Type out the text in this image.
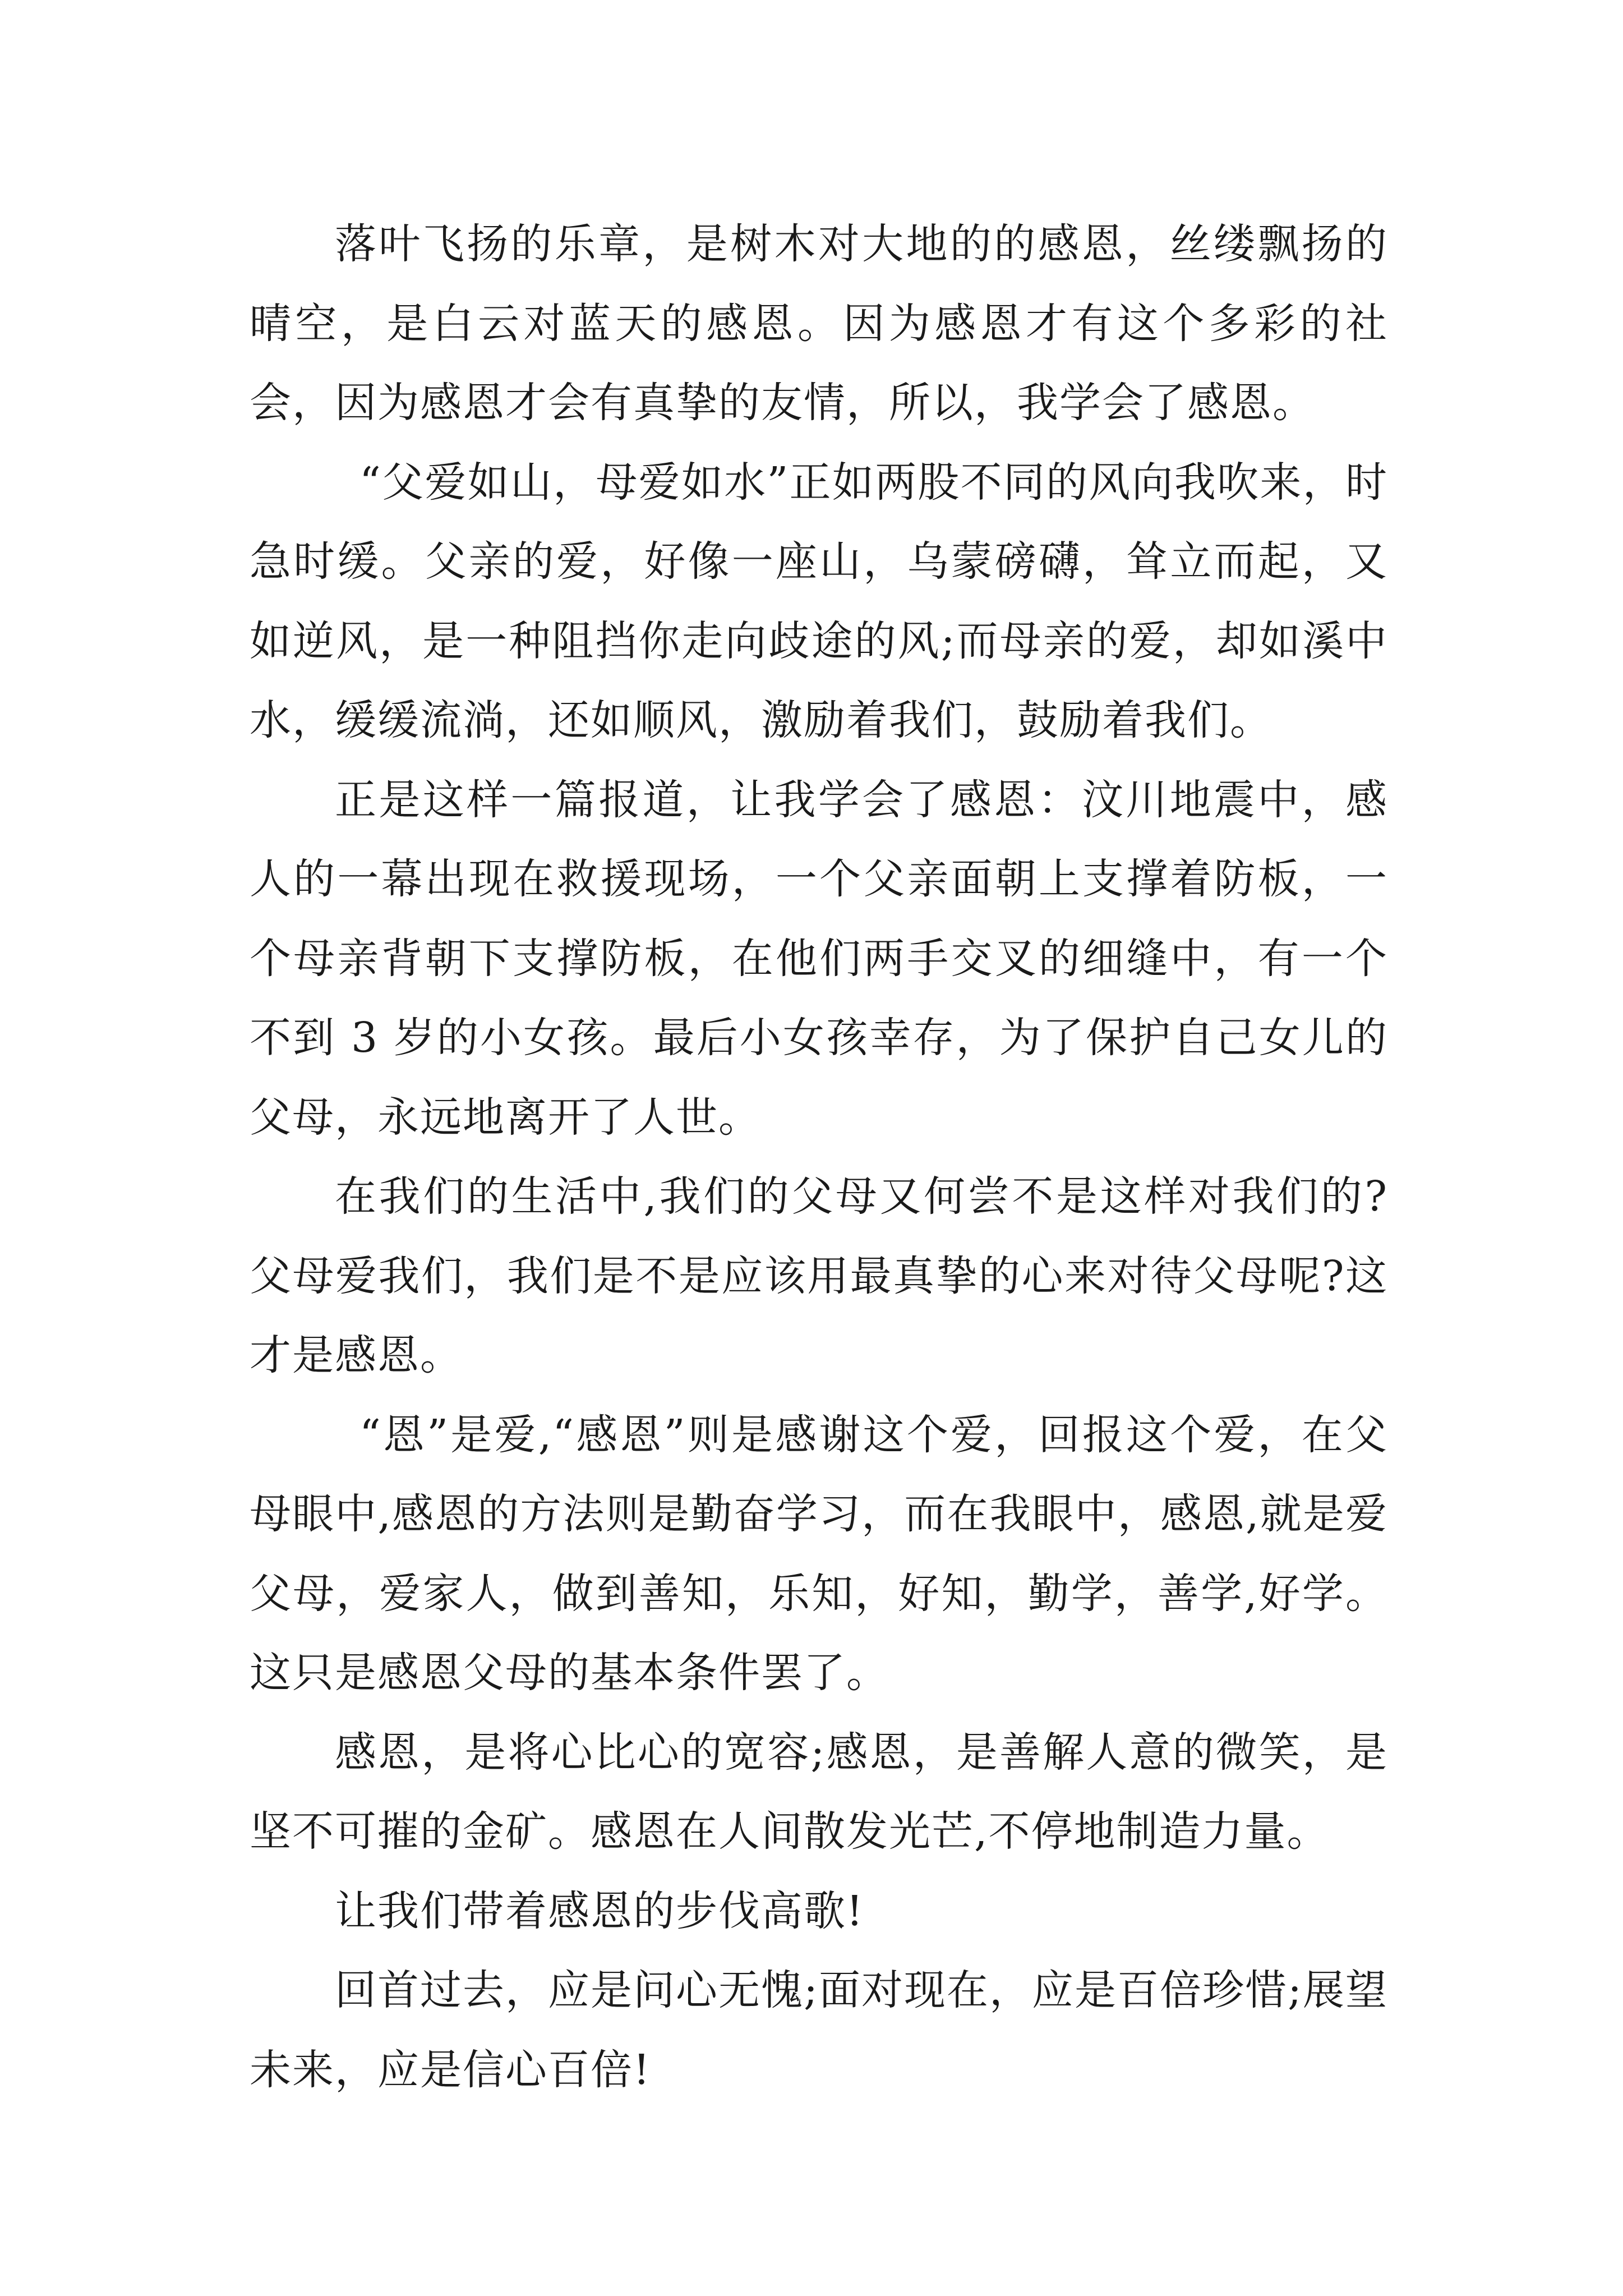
落叶飞扬的乐章，是树木对大地的的感恩，丝缕飘扬的晴空，是白云对蓝天的感恩。因为感恩才有这个多彩的社会，因为感恩才会有真挚的友情，所以，我学会了感恩。

“父爱如山，母爱如水”正如两股不同的风向我吹来，时急时缓。父亲的爱，好像一座山，乌蒙磅礴，耸立而起，又如逆风，是一种阻挡你走向歧途的风;而母亲的爱，却如溪中水，缓缓流淌，还如顺风，激励着我们，鼓励着我们。

正是这样一篇报道，让我学会了感恩：汶川地震中，感人的一幕出现在救援现场，一个父亲面朝上支撑着防板，一个母亲背朝下支撑防板，在他们两手交叉的细缝中，有一个不到 3 岁的小女孩。最后小女孩幸存，为了保护自己女儿的父母，永远地离开了人世。

在我们的生活中,我们的父母又何尝不是这样对我们的?父母爱我们，我们是不是应该用最真挚的心来对待父母呢?这才是感恩。

“恩”是爱,“感恩”则是感谢这个爱，回报这个爱，在父母眼中,感恩的方法则是勤奋学习，而在我眼中，感恩,就是爱父母，爱家人，做到善知，乐知，好知，勤学，善学,好学。这只是感恩父母的基本条件罢了。

感恩，是将心比心的宽容;感恩，是善解人意的微笑，是坚不可摧的金矿。感恩在人间散发光芒,不停地制造力量。

让我们带着感恩的步伐高歌!

回首过去，应是问心无愧;面对现在，应是百倍珍惜;展望未来，应是信心百倍!
